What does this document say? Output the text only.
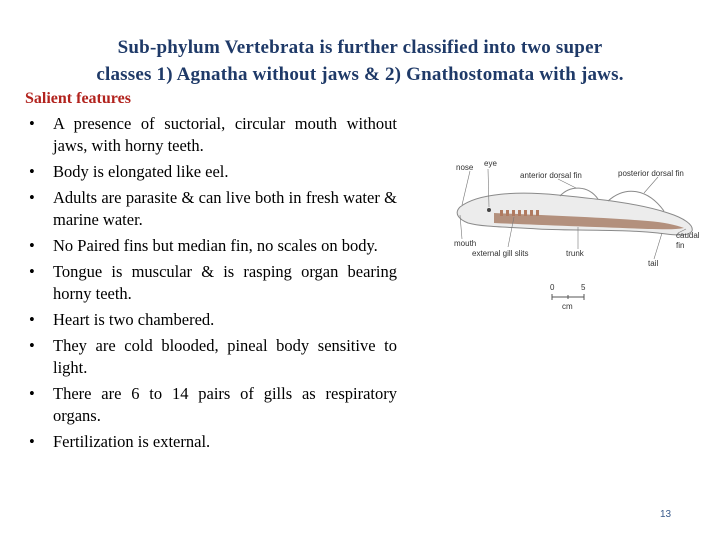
Sub-phylum Vertebrata is further classified into two super
classes 1) Agnatha without jaws & 2) Gnathostomata with jaws.
Salient features
• A presence of suctorial, circular mouth without jaws, with horny teeth.
• Body is elongated like eel.
• Adults are parasite & can live both in fresh water & marine water.
• No Paired fins but median fin, no scales on body.
• Tongue is muscular & is rasping organ bearing horny teeth.
• Heart is two chambered.
• They are cold blooded, pineal body sensitive to light.
• There are 6 to 14 pairs of gills as respiratory organs.
• Fertilization is external.
nose eye
anterior dorsal fin	posterior dorsal fin
caudal
fin
mouth
external gill slits	trunk
tail
0	5
cm
13
